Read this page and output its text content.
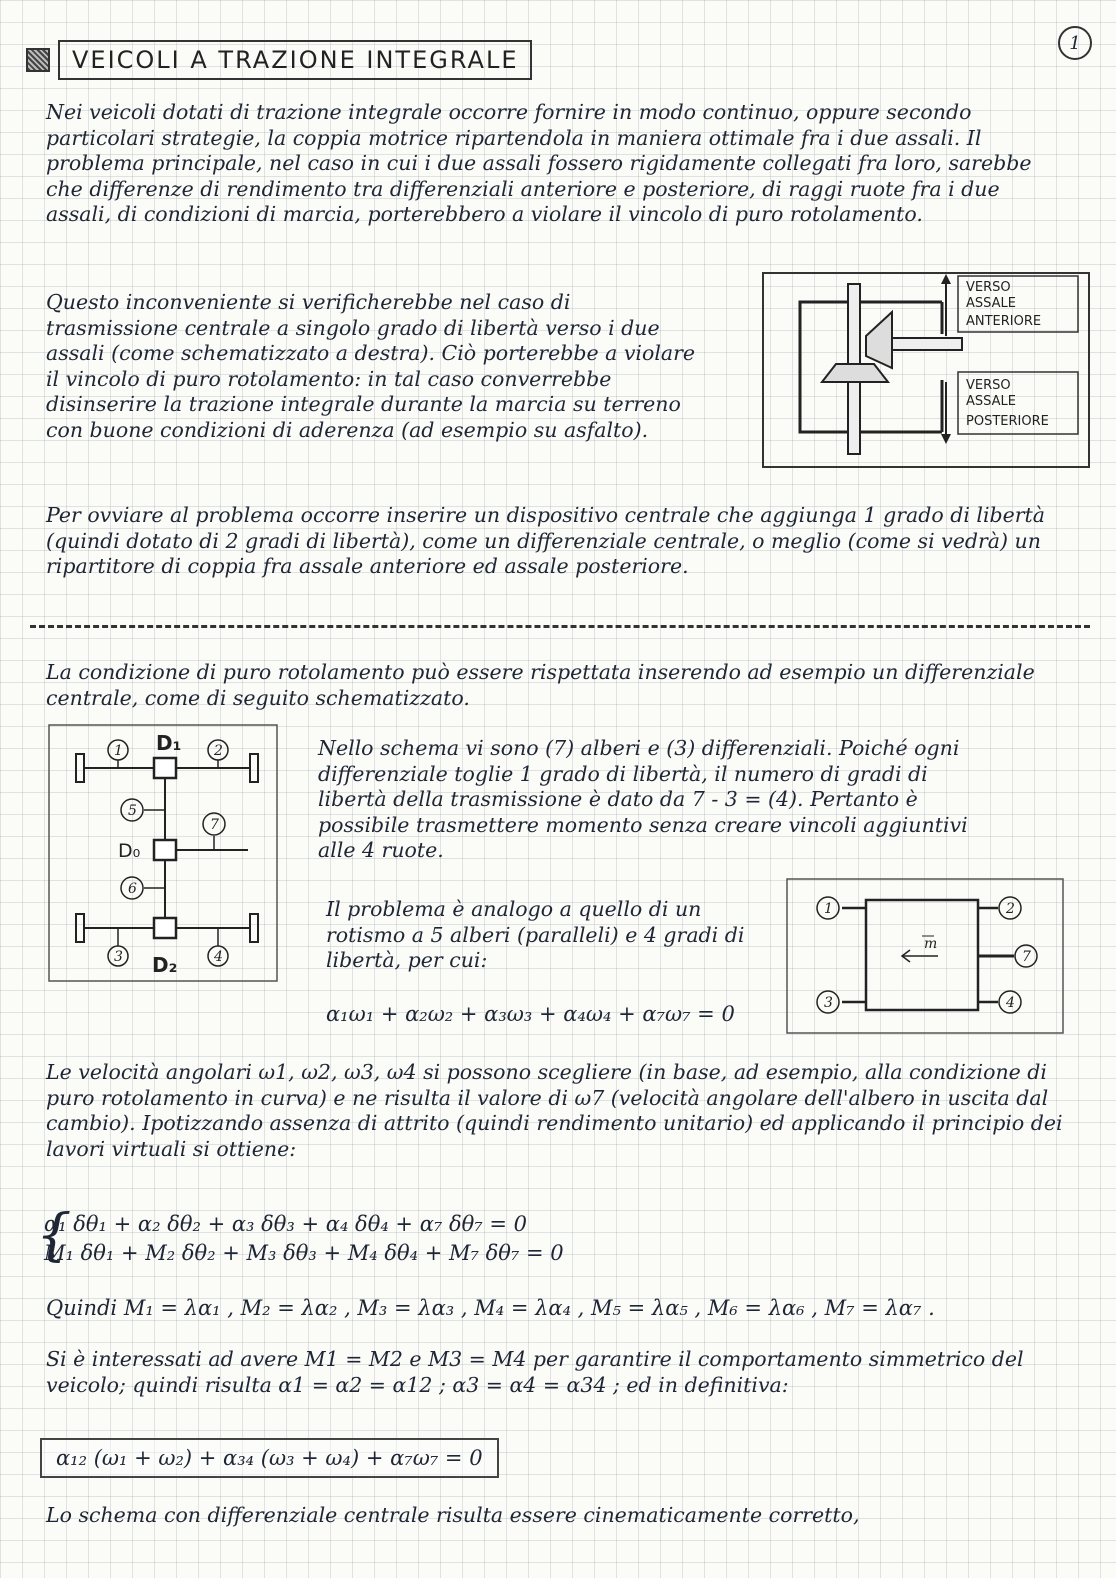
VEICOLI A TRAZIONE INTEGRALE
1

Nei veicoli dotati di trazione integrale occorre fornire in modo continuo, oppure secondo particolari strategie, la coppia motrice ripartendola in maniera ottimale fra i due assali. Il problema principale, nel caso in cui i due assali fossero rigidamente collegati fra loro, sarebbe che differenze di rendimento tra differenziali anteriore e posteriore, di raggi ruote fra i due assali, di condizioni di marcia, porterebbero a violare il vincolo di puro rotolamento.

Questo inconveniente si verificherebbe nel caso di trasmissione centrale a singolo grado di libertà verso i due assali (come schematizzato a destra). Ciò porterebbe a violare il vincolo di puro rotolamento: in tal caso converrebbe disinserire la trazione integrale durante la marcia su terreno con buone condizioni di aderenza (ad esempio su asfalto).

Per ovviare al problema occorre inserire un dispositivo centrale che aggiunga 1 grado di libertà (quindi dotato di 2 gradi di libertà), come un differenziale centrale, o meglio (come si vedrà) un ripartitore di coppia fra assale anteriore ed assale posteriore.

La condizione di puro rotolamento può essere rispettata inserendo ad esempio un differenziale centrale, come di seguito schematizzato.

Nello schema vi sono (7) alberi e (3) differenziali. Poiché ogni differenziale toglie 1 grado di libertà, il numero di gradi di libertà della trasmissione è dato da 7 - 3 = (4). Pertanto è possibile trasmettere momento senza creare vincoli aggiuntivi alle 4 ruote.

Il problema è analogo a quello di un rotismo a 5 alberi (paralleli) e 4 gradi di libertà, per cui:

α₁ω₁ + α₂ω₂ + α₃ω₃ + α₄ω₄ + α₇ω₇ = 0

Le velocità angolari ω1, ω2, ω3, ω4 si possono scegliere (in base, ad esempio, alla condizione di puro rotolamento in curva) e ne risulta il valore di ω7 (velocità angolare dell'albero in uscita dal cambio). Ipotizzando assenza di attrito (quindi rendimento unitario) ed applicando il principio dei lavori virtuali si ottiene:

{
α₁ δθ₁ + α₂ δθ₂ + α₃ δθ₃ + α₄ δθ₄ + α₇ δθ₇ = 0
M₁ δθ₁ + M₂ δθ₂ + M₃ δθ₃ + M₄ δθ₄ + M₇ δθ₇ = 0
Quindi M₁ = λα₁ , M₂ = λα₂ , M₃ = λα₃ , M₄ = λα₄ , M₅ = λα₅ , M₆ = λα₆ , M₇ = λα₇ .

Si è interessati ad avere M1 = M2 e M3 = M4 per garantire il comportamento simmetrico del veicolo; quindi risulta α1 = α2 = α12 ; α3 = α4 = α34 ; ed in definitiva:

α₁₂ (ω₁ + ω₂) + α₃₄ (ω₃ + ω₄) + α₇ω₇ = 0

Lo schema con differenziale centrale risulta essere cinematicamente corretto,

VERSO
ASSALE
ANTERIORE
VERSO
ASSALE
POSTERIORE
D₁
D₀
D₂
1	2
5
7
6
3	4
1
3
2
7
4
m
